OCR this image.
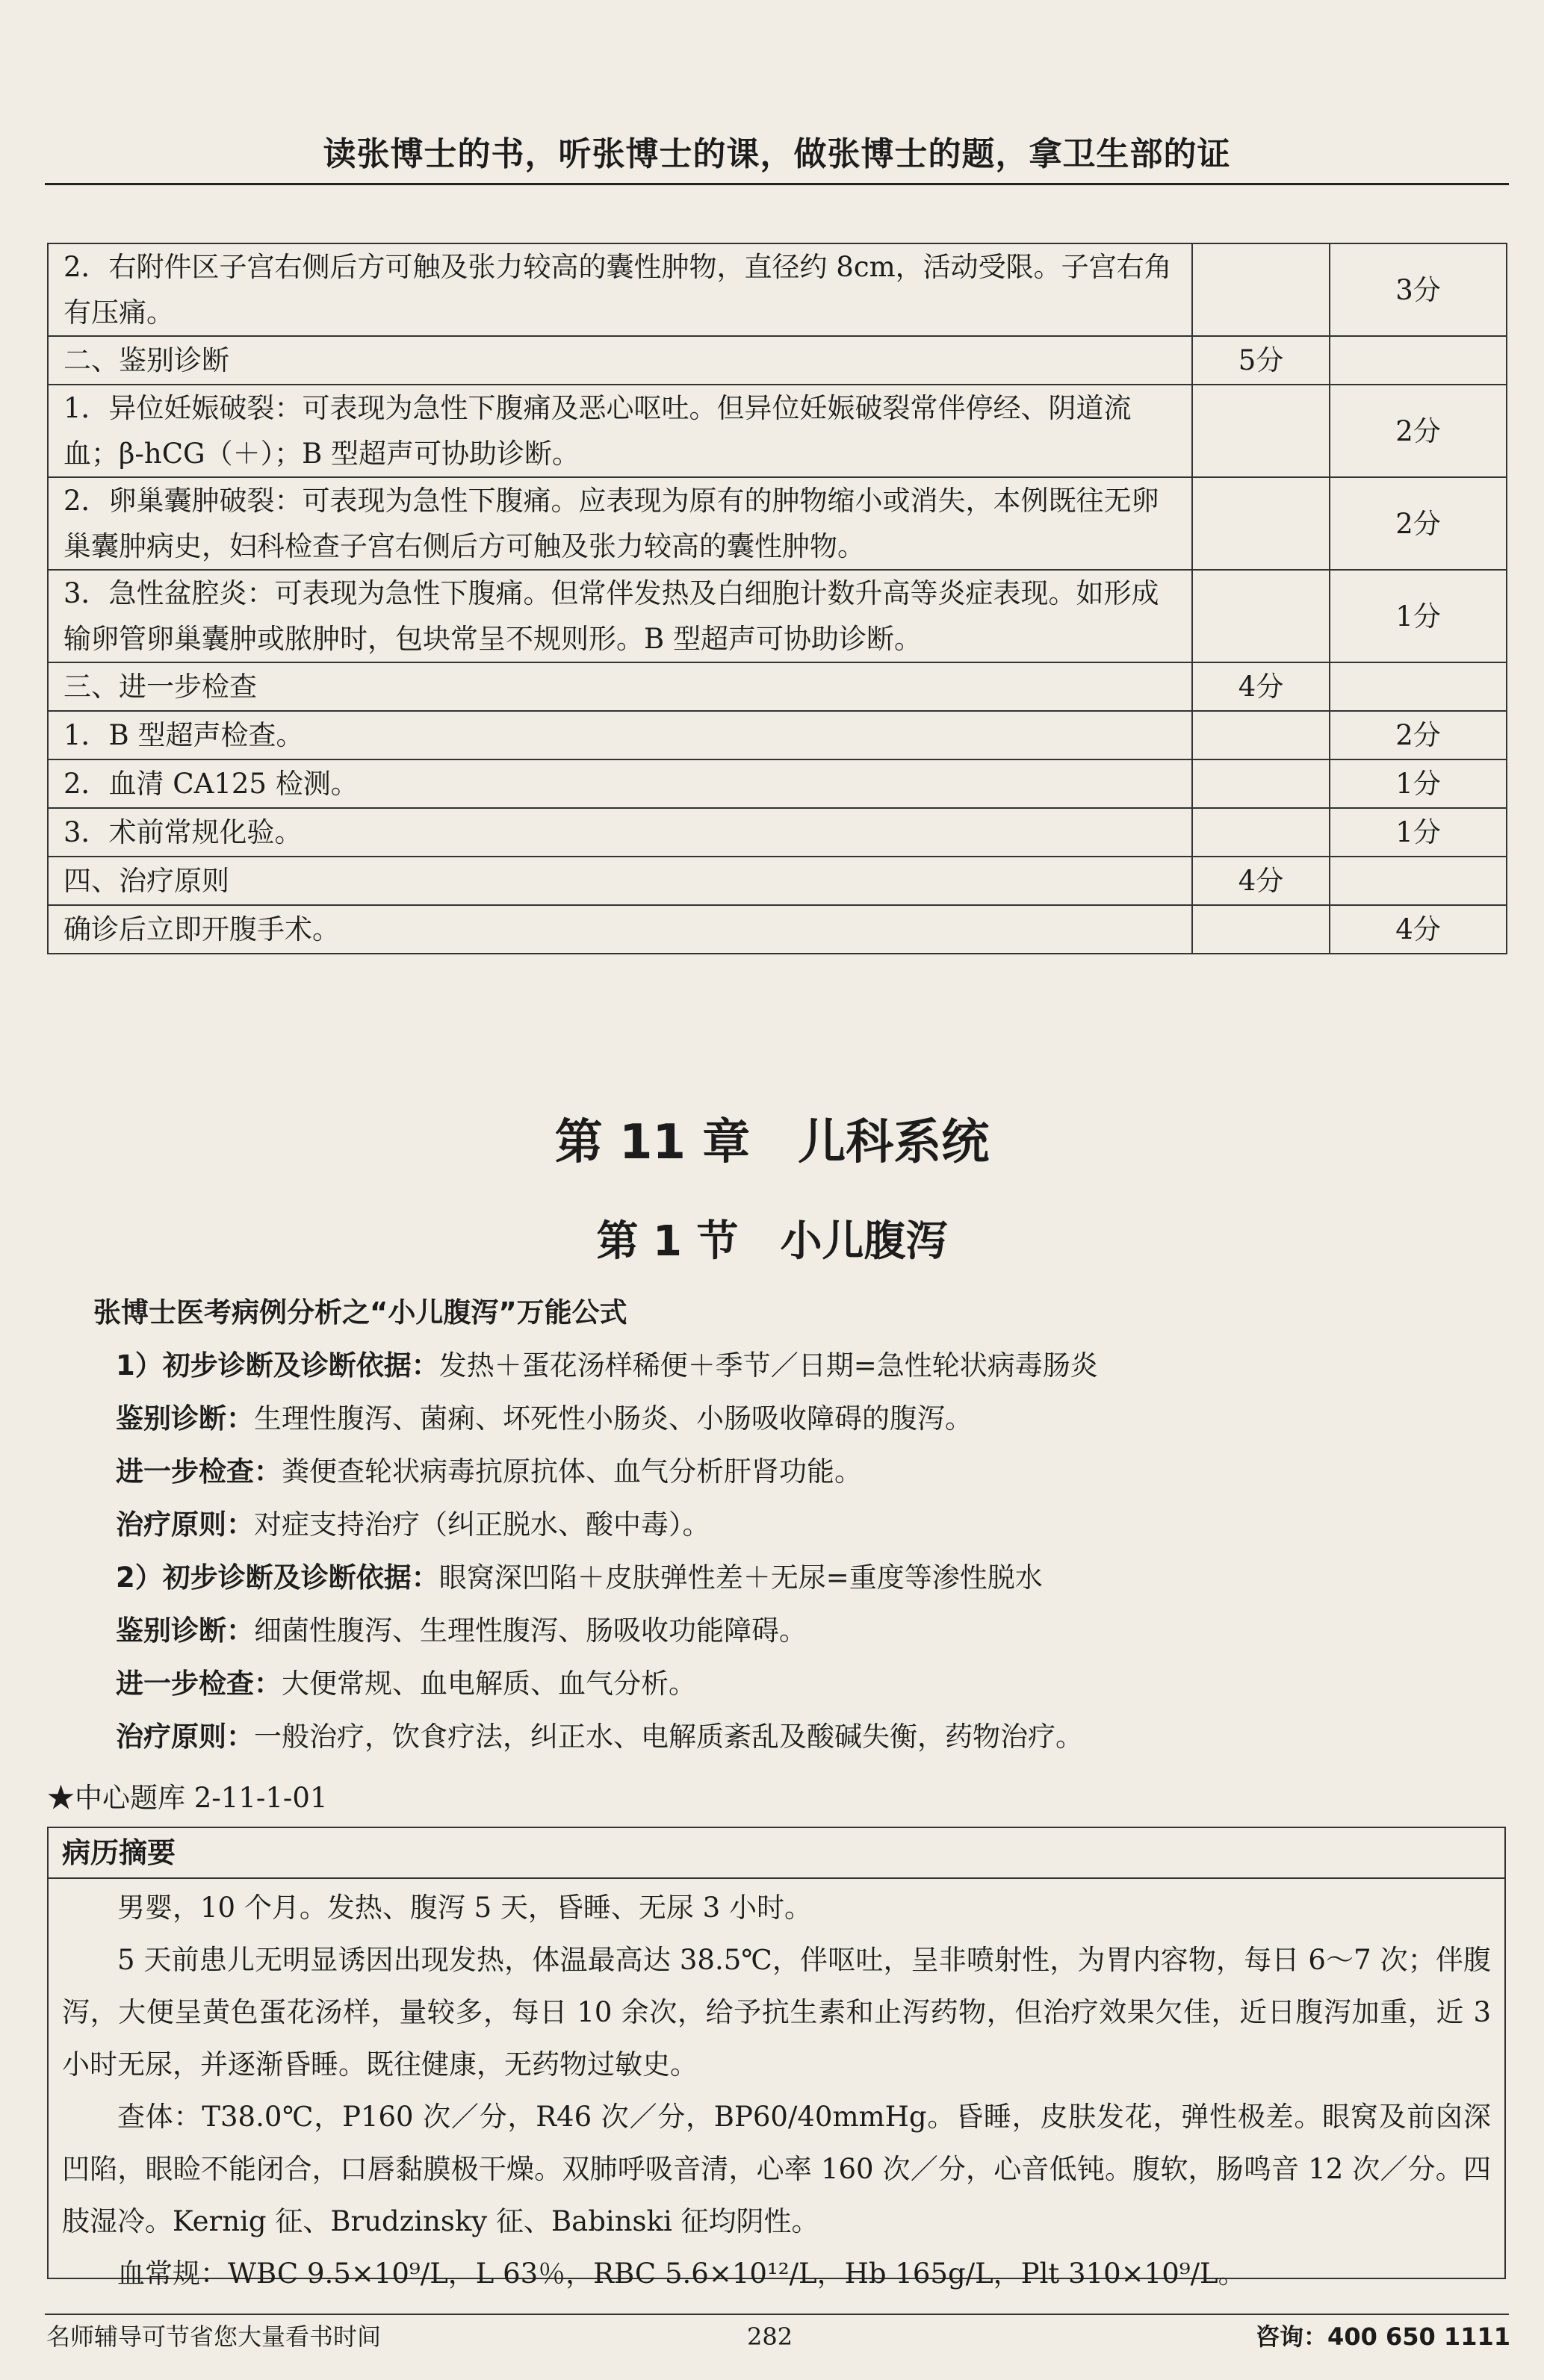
读张博士的书，听张博士的课，做张博士的题，拿卫生部的证
2．右附件区子宫右侧后方可触及张力较高的囊性肿物，直径约 8cm，活动受限。子宫右角有压痛。		3分
二、鉴别诊断	5分	
1．异位妊娠破裂：可表现为急性下腹痛及恶心呕吐。但异位妊娠破裂常伴停经、阴道流血；β-hCG（＋）；B 型超声可协助诊断。		2分
2．卵巢囊肿破裂：可表现为急性下腹痛。应表现为原有的肿物缩小或消失，本例既往无卵巢囊肿病史，妇科检查子宫右侧后方可触及张力较高的囊性肿物。		2分
3．急性盆腔炎：可表现为急性下腹痛。但常伴发热及白细胞计数升高等炎症表现。如形成输卵管卵巢囊肿或脓肿时，包块常呈不规则形。B 型超声可协助诊断。		1分
三、进一步检查	4分	
1．B 型超声检查。		2分
2．血清 CA125 检测。		1分
3．术前常规化验。		1分
四、治疗原则	4分	
确诊后立即开腹手术。		4分
第 11 章　儿科系统
第 1 节　小儿腹泻
张博士医考病例分析之“小儿腹泻”万能公式
1）初步诊断及诊断依据：发热＋蛋花汤样稀便＋季节／日期=急性轮状病毒肠炎
鉴别诊断：生理性腹泻、菌痢、坏死性小肠炎、小肠吸收障碍的腹泻。
进一步检查：粪便查轮状病毒抗原抗体、血气分析肝肾功能。
治疗原则：对症支持治疗（纠正脱水、酸中毒）。
2）初步诊断及诊断依据：眼窝深凹陷＋皮肤弹性差＋无尿=重度等渗性脱水
鉴别诊断：细菌性腹泻、生理性腹泻、肠吸收功能障碍。
进一步检查：大便常规、血电解质、血气分析。
治疗原则：一般治疗，饮食疗法，纠正水、电解质紊乱及酸碱失衡，药物治疗。
★中心题库 2-11-1-01
病历摘要

男婴，10 个月。发热、腹泻 5 天，昏睡、无尿 3 小时。

5 天前患儿无明显诱因出现发热，体温最高达 38.5℃，伴呕吐，呈非喷射性，为胃内容物，每日 6～7 次；伴腹泻，大便呈黄色蛋花汤样，量较多，每日 10 余次，给予抗生素和止泻药物，但治疗效果欠佳，近日腹泻加重，近 3 小时无尿，并逐渐昏睡。既往健康，无药物过敏史。

查体：T38.0℃，P160 次／分，R46 次／分，BP60/40mmHg。昏睡，皮肤发花，弹性极差。眼窝及前囟深凹陷，眼睑不能闭合，口唇黏膜极干燥。双肺呼吸音清，心率 160 次／分，心音低钝。腹软，肠鸣音 12 次／分。四肢湿冷。Kernig 征、Brudzinsky 征、Babinski 征均阴性。

血常规：WBC 9.5×10⁹/L，L 63％，RBC 5.6×10¹²/L，Hb 165g/L，Plt 310×10⁹/L。

名师辅导可节省您大量看书时间	282	咨询：400 650 1111
